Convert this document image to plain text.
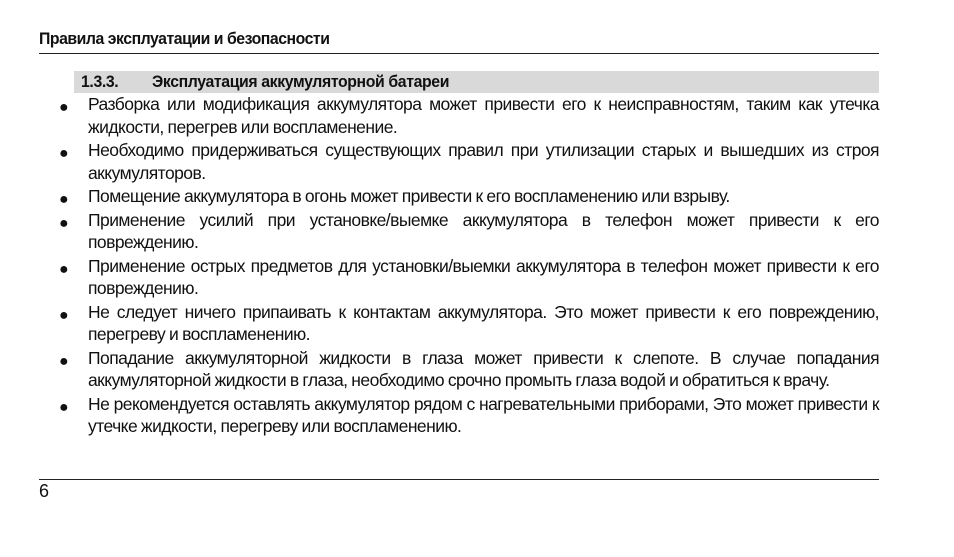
Правила эксплуатации и безопасности
1.3.3. Эксплуатация аккумуляторной батареи
● Разборка или модификация аккумулятора может привести его к неисправностям, таким как утечка жидкости, перегрев или воспламенение.
● Необходимо придерживаться существующих правил при утилизации старых и вышедших из строя аккумуляторов.
● Помещение аккумулятора в огонь может привести к его воспламенению или взрыву.
● Применение усилий при установке/выемке аккумулятора в телефон может привести к его повреждению.
● Применение острых предметов для установки/выемки аккумулятора в телефон может привести к его повреждению.
● Не следует ничего припаивать к контактам аккумулятора. Это может привести к его повреждению, перегреву и воспламенению.
● Попадание аккумуляторной жидкости в глаза может привести к слепоте. В случае попадания аккумуляторной жидкости в глаза, необходимо срочно промыть глаза водой и обратиться к врачу.
● Не рекомендуется оставлять аккумулятор рядом с нагревательными приборами, Это может привести к утечке жидкости, перегреву или воспламенению.
6
